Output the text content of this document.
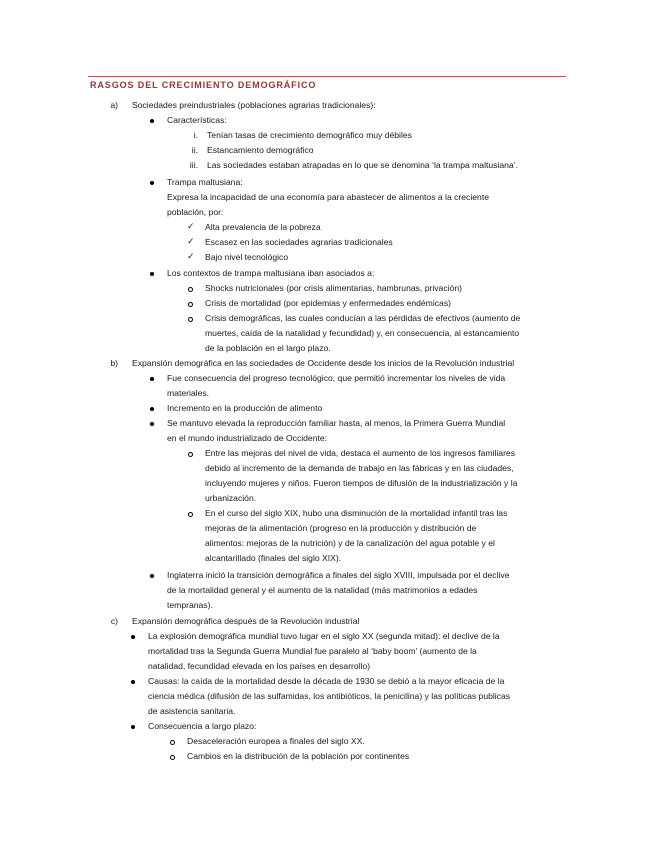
RASGOS DEL CRECIMIENTO DEMOGRÁFICO
a) Sociedades preindustriales (poblaciones agrarias tradicionales):
Características:
i. Tenían tasas de crecimiento demográfico muy débiles
ii. Estancamiento demográfico
iii. Las sociedades estaban atrapadas en lo que se denomina ‘la trampa maltusiana’.
Trampa maltusiana:
Expresa la incapacidad de una economía para abastecer de alimentos a la creciente
población, por:
✓ Alta prevalencia de la pobreza
✓ Escasez en las sociedades agrarias tradicionales
✓ Bajo nivel tecnológico
Los contextos de trampa maltusiana iban asociados a:
Shocks nutricionales (por crisis alimentarias, hambrunas, privación)
Crisis de mortalidad (por epidemias y enfermedades endémicas)
Crisis demográficas, las cuales conducían a las pérdidas de efectivos (aumento de
muertes, caída de la natalidad y fecundidad) y, en consecuencia, al estancamiento
de la población en el largo plazo.
b) Expansión demográfica en las sociedades de Occidente desde los inicios de la Revolución industrial
Fue consecuencia del progreso tecnológico, que permitió incrementar los niveles de vida
materiales.
Incremento en la producción de alimento
Se mantuvo elevada la reproducción familiar hasta, al menos, la Primera Guerra Mundial
en el mundo industrializado de Occidente:
Entre las mejoras del nivel de vida, destaca el aumento de los ingresos familiares
debido al incremento de la demanda de trabajo en las fábricas y en las ciudades,
incluyendo mujeres y niños. Fueron tiempos de difusión de la industrialización y la
urbanización.
En el curso del siglo XIX, hubo una disminución de la mortalidad infantil tras las
mejoras de la alimentación (progreso en la producción y distribución de
alimentos: mejoras de la nutrición) y de la canalización del agua potable y el
alcantarillado (finales del siglo XIX).
Inglaterra inició la transición demográfica a finales del siglo XVIII, impulsada por el declive
de la mortalidad general y el aumento de la natalidad (más matrimonios a edades
tempranas).
c) Expansión demográfica después de la Revolución industrial
La explosión demográfica mundial tuvo lugar en el siglo XX (segunda mitad): el declive de la
mortalidad tras la Segunda Guerra Mundial fue paralelo al ‘baby boom’ (aumento de la
natalidad, fecundidad elevada en los países en desarrollo)
Causas: la caída de la mortalidad desde la década de 1930 se debió a la mayor eficacia de la
ciencia médica (difusión de las sulfamidas, los antibióticos, la penicilina) y las políticas publicas
de asistencia sanitaria.
Consecuencia a largo plazo:
Desaceleración europea a finales del siglo XX.
Cambios en la distribución de la población por continentes
